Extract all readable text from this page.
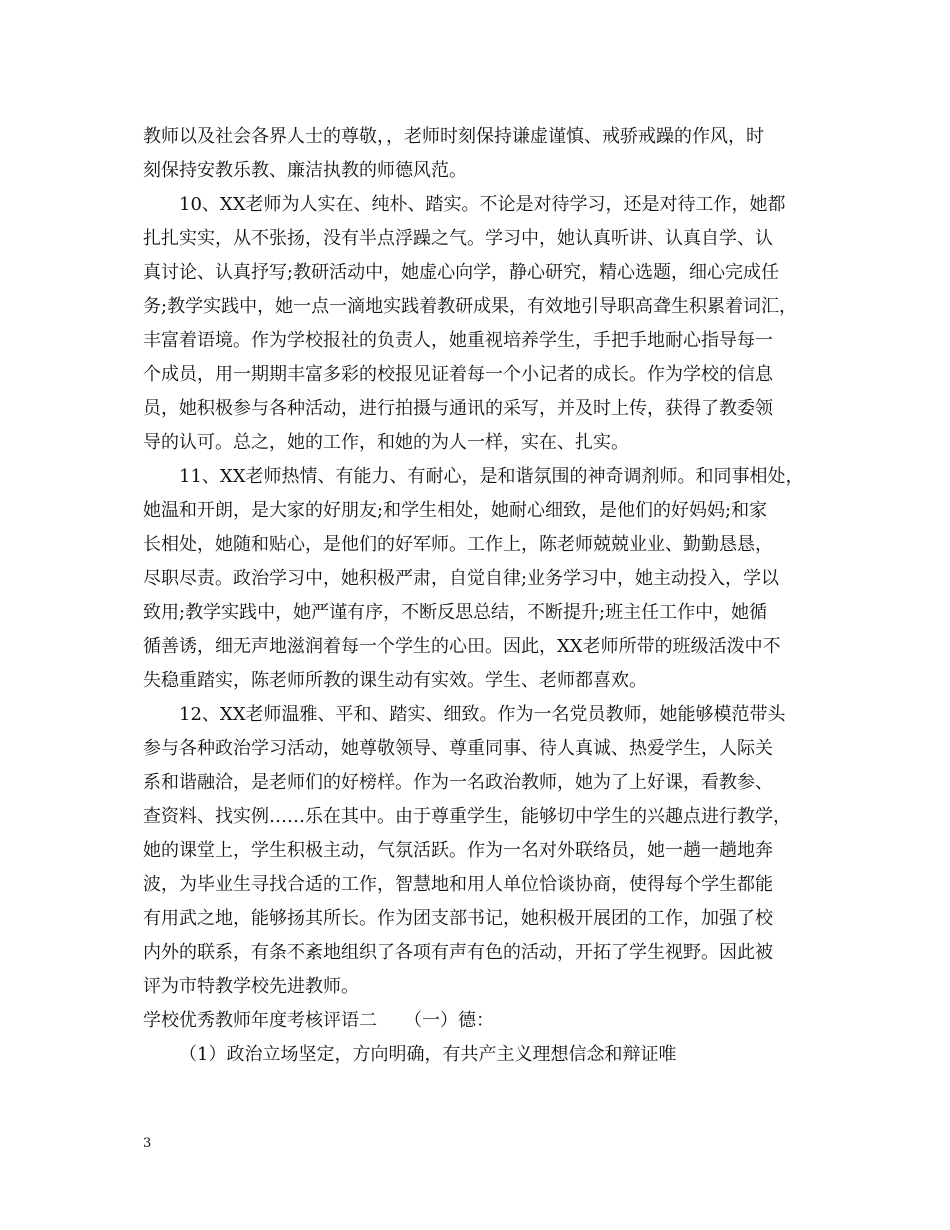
教师以及社会各界人士的尊敬，，老师时刻保持谦虚谨慎、戒骄戒躁的作风，时
刻保持安教乐教、廉洁执教的师德风范。
10、XX老师为人实在、纯朴、踏实。不论是对待学习，还是对待工作，她都
扎扎实实，从不张扬，没有半点浮躁之气。学习中，她认真听讲、认真自学、认
真讨论、认真抒写;教研活动中，她虚心向学，静心研究，精心选题，细心完成任
务;教学实践中，她一点一滴地实践着教研成果，有效地引导职高聋生积累着词汇，
丰富着语境。作为学校报社的负责人，她重视培养学生，手把手地耐心指导每一
个成员，用一期期丰富多彩的校报见证着每一个小记者的成长。作为学校的信息
员，她积极参与各种活动，进行拍摄与通讯的采写，并及时上传，获得了教委领
导的认可。总之，她的工作，和她的为人一样，实在、扎实。
11、XX老师热情、有能力、有耐心，是和谐氛围的神奇调剂师。和同事相处，
她温和开朗，是大家的好朋友;和学生相处，她耐心细致，是他们的好妈妈;和家
长相处，她随和贴心，是他们的好军师。工作上，陈老师兢兢业业、勤勤恳恳，
尽职尽责。政治学习中，她积极严肃，自觉自律;业务学习中，她主动投入，学以
致用;教学实践中，她严谨有序，不断反思总结，不断提升;班主任工作中，她循
循善诱，细无声地滋润着每一个学生的心田。因此，XX老师所带的班级活泼中不
失稳重踏实，陈老师所教的课生动有实效。学生、老师都喜欢。
12、XX老师温雅、平和、踏实、细致。作为一名党员教师，她能够模范带头
参与各种政治学习活动，她尊敬领导、尊重同事、待人真诚、热爱学生，人际关
系和谐融洽，是老师们的好榜样。作为一名政治教师，她为了上好课，看教参、
查资料、找实例……乐在其中。由于尊重学生，能够切中学生的兴趣点进行教学，
她的课堂上，学生积极主动，气氛活跃。作为一名对外联络员，她一趟一趟地奔
波，为毕业生寻找合适的工作，智慧地和用人单位恰谈协商，使得每个学生都能
有用武之地，能够扬其所长。作为团支部书记，她积极开展团的工作，加强了校
内外的联系，有条不紊地组织了各项有声有色的活动，开拓了学生视野。因此被
评为市特教学校先进教师。
学校优秀教师年度考核评语二　　（一）德：
（1）政治立场坚定，方向明确，有共产主义理想信念和辩证唯
3
